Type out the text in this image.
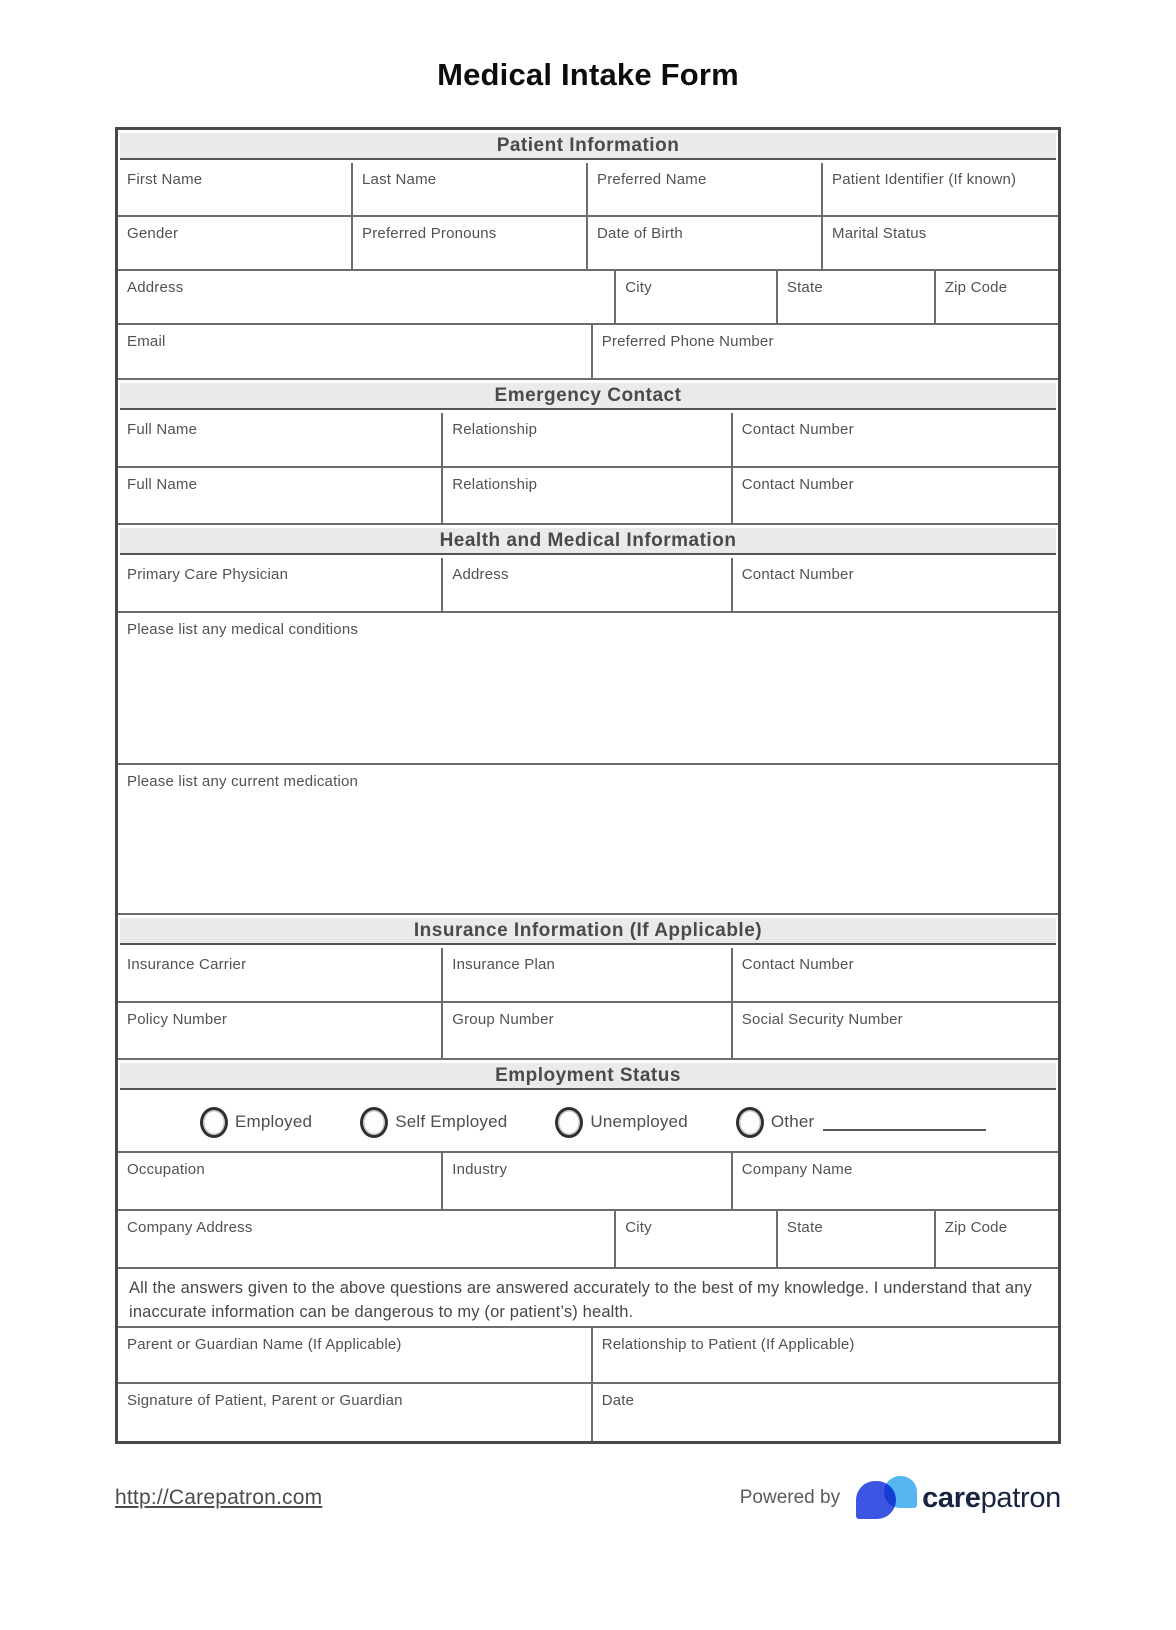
Medical Intake Form
Patient Information
First Name	Last Name	Preferred Name	Patient Identifier (If known)
Gender	Preferred Pronouns	Date of Birth	Marital Status
Address	City	State	Zip Code
Email	Preferred Phone Number
Emergency Contact
Full Name	Relationship	Contact Number
Full Name	Relationship	Contact Number
Health and Medical Information
Primary Care Physician	Address	Contact Number
Please list any medical conditions
Please list any current medication
Insurance Information (If Applicable)
Insurance Carrier	Insurance Plan	Contact Number
Policy Number	Group Number	Social Security Number
Employment Status
Employed	Self Employed	Unemployed	Other
Occupation	Industry	Company Name
Company Address	City	State	Zip Code

All the answers given to the above questions are answered accurately to the best of my knowledge. I understand that any inaccurate information can be dangerous to my (or patient’s) health.

Parent or Guardian Name (If Applicable)	Relationship to Patient (If Applicable)
Signature of Patient, Parent or Guardian	Date
http://Carepatron.com	Powered by	carepatron
